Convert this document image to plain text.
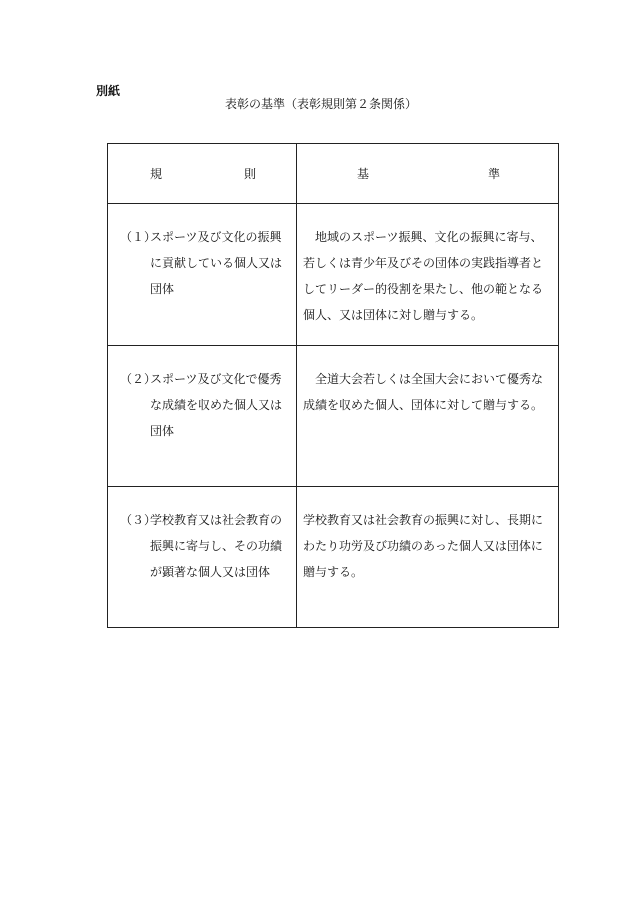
別紙
表彰の基準（表彰規則第２条関係）
規 則	基 準

（１）
スポーツ及び文化の振興に貢献している個人又は団体	　地域のスポーツ振興、文化の振興に寄与、若しくは青少年及びその団体の実践指導者としてリーダー的役割を果たし、他の範となる個人、又は団体に対し贈与する。

（２）
スポーツ及び文化で優秀な成績を収めた個人又は団体	　全道大会若しくは全国大会において優秀な成績を収めた個人、団体に対して贈与する。

（３）
学校教育又は社会教育の振興に寄与し、その功績が顕著な個人又は団体	学校教育又は社会教育の振興に対し、長期にわたり功労及び功績のあった個人又は団体に贈与する。
